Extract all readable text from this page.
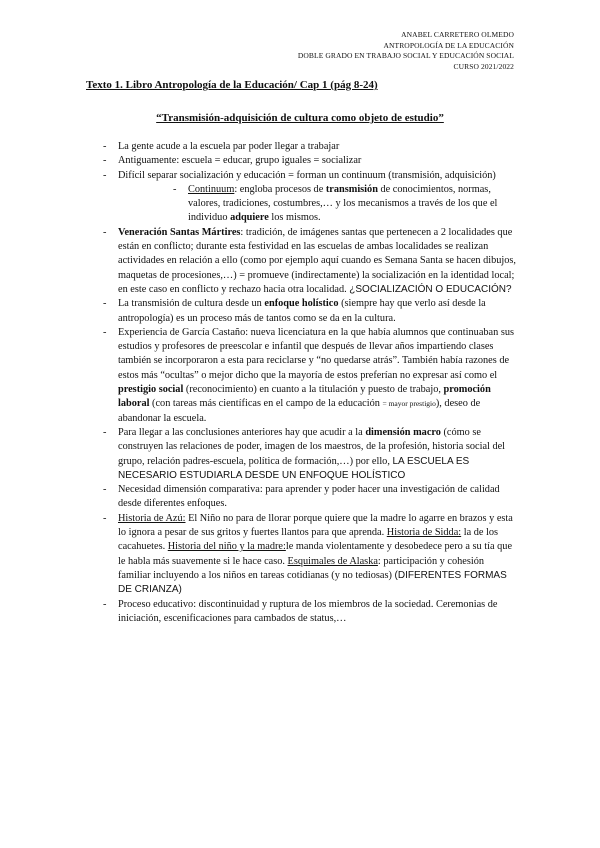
ANABEL CARRETERO OLMEDO
ANTROPOLOGÍA DE LA EDUCACIÓN
DOBLE GRADO EN TRABAJO SOCIAL Y EDUCACIÓN SOCIAL
CURSO 2021/2022
Texto 1. Libro Antropología de la Educación/ Cap 1 (pág 8-24)
“Transmisión-adquisición de cultura como objeto de estudio”
- La gente acude a la escuela par poder llegar a trabajar
- Antiguamente: escuela = educar, grupo iguales = socializar
- Difícil separar socialización y educación = forman un continuum (transmisión, adquisición)
- Continuum: engloba procesos de transmisión de conocimientos, normas, valores, tradiciones, costumbres,… y los mecanismos a través de los que el individuo adquiere los mismos.
- Veneración Santas Mártires: tradición, de imágenes santas que pertenecen a 2 localidades que están en conflicto; durante esta festividad en las escuelas de ambas localidades se realizan actividades en relación a ello (como por ejemplo aquí cuando es Semana Santa se hacen dibujos, maquetas de procesiones,…) = promueve (indirectamente) la socialización en la identidad local; en este caso en conflicto y rechazo hacia otra localidad. ¿SOCIALIZACIÓN O EDUCACIÓN?
- La transmisión de cultura desde un enfoque holístico (siempre hay que verlo así desde la antropología) es un proceso más de tantos como se da en la cultura.
- Experiencia de García Castaño: nueva licenciatura en la que había alumnos que continuaban sus estudios y profesores de preescolar e infantil que después de llevar años impartiendo clases también se incorporaron a esta para reciclarse y “no quedarse atrás”. También había razones de estos más “ocultas” o mejor dicho que la mayoría de estos preferían no expresar así como el prestigio social (reconocimiento) en cuanto a la titulación y puesto de trabajo, promoción laboral (con tareas más científicas en el campo de la educación = mayor prestigio), deseo de abandonar la escuela.
- Para llegar a las conclusiones anteriores hay que acudir a la dimensión macro (cómo se construyen las relaciones de poder, imagen de los maestros, de la profesión, historia social del grupo, relación padres-escuela, política de formación,…) por ello, LA ESCUELA ES NECESARIO ESTUDIARLA DESDE UN ENFOQUE HOLÍSTICO
- Necesidad dimensión comparativa: para aprender y poder hacer una investigación de calidad desde diferentes enfoques.
- Historia de Azú: El Niño no para de llorar porque quiere que la madre lo agarre en brazos y esta lo ignora a pesar de sus gritos y fuertes llantos para que aprenda. Historia de Sidda: la de los cacahuetes. Historia del niño y la madre:le manda violentamente y desobedece pero a su tía que le habla más suavemente si le hace caso. Esquimales de Alaska: participación y cohesión familiar incluyendo a los niños en tareas cotidianas (y no tediosas) (DIFERENTES FORMAS DE CRIANZA)
- Proceso educativo: discontinuidad y ruptura de los miembros de la sociedad. Ceremonias de iniciación, escenificaciones para cambados de status,…
